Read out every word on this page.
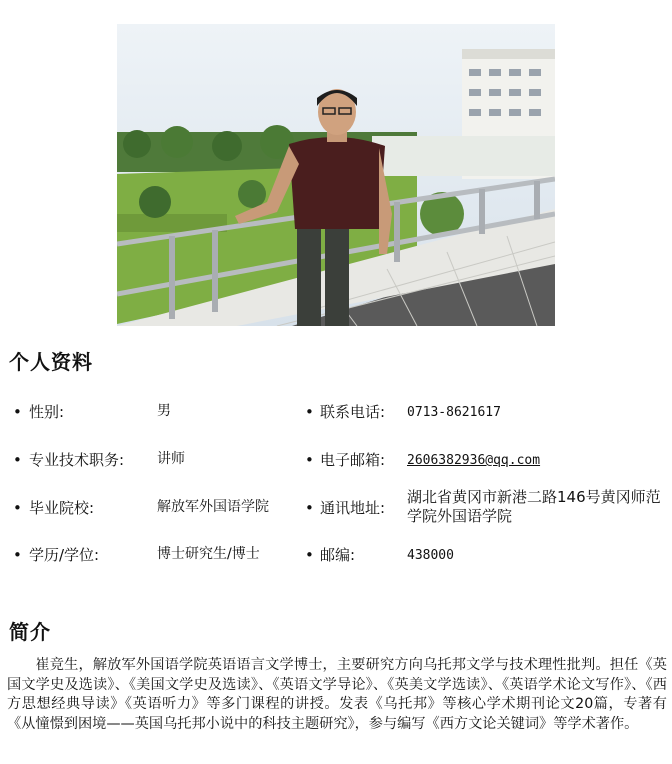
个人资料
• 性别:	男	• 联系电话: 0713-8621617
• 专业技术职务: 讲师	• 电子邮箱: 2606382936@qq.com
• 毕业院校:	解放军外国语学院 • 通讯地址:
湖北省黄冈市新港二路146号黄冈师范学院外国语学院
• 学历/学位:	博士研究生/博士	• 邮编:	438000
简介

崔竞生，解放军外国语学院英语语言文学博士，主要研究方向乌托邦文学与技术理性批判。担任《英国文学史及选读》、《美国文学史及选读》、《英语文学导论》、《英美文学选读》、《英语学术论文写作》、《西方思想经典导读》《英语听力》等多门课程的讲授。发表《乌托邦》等核心学术期刊论文20篇，专著有《从憧憬到困境——英国乌托邦小说中的科技主题研究》，参与编写《西方文论关键词》等学术著作。
